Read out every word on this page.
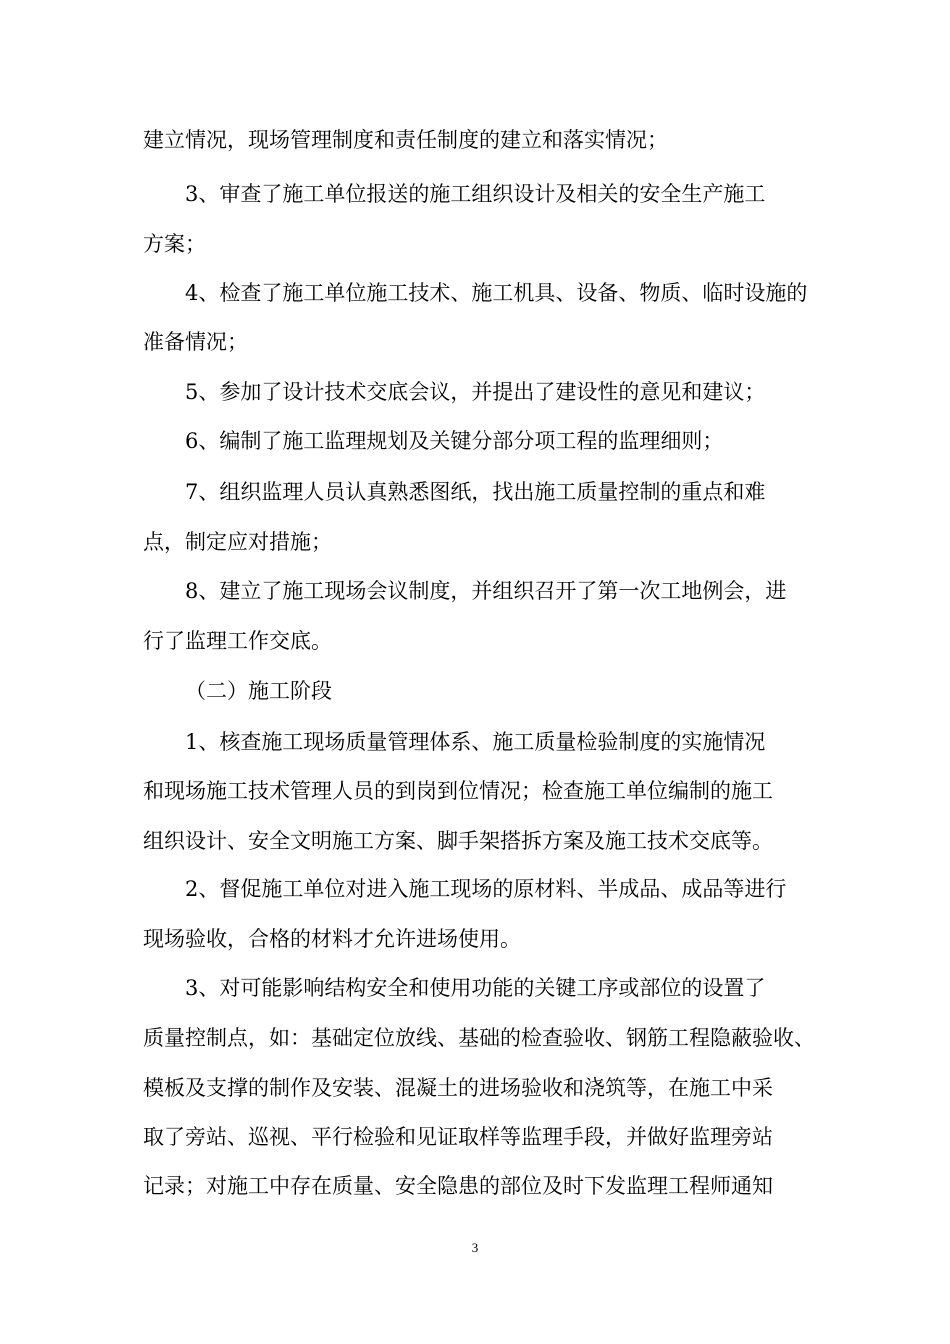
建立情况，现场管理制度和责任制度的建立和落实情况；
3、审查了施工单位报送的施工组织设计及相关的安全生产施工
方案；
4、检查了施工单位施工技术、施工机具、设备、物质、临时设施的
准备情况；
5、参加了设计技术交底会议，并提出了建设性的意见和建议；
6、编制了施工监理规划及关键分部分项工程的监理细则；
7、组织监理人员认真熟悉图纸，找出施工质量控制的重点和难
点，制定应对措施；
8、建立了施工现场会议制度，并组织召开了第一次工地例会，进
行了监理工作交底。
（二）施工阶段
1、核查施工现场质量管理体系、施工质量检验制度的实施情况
和现场施工技术管理人员的到岗到位情况；检查施工单位编制的施工
组织设计、安全文明施工方案、脚手架搭拆方案及施工技术交底等。
2、督促施工单位对进入施工现场的原材料、半成品、成品等进行
现场验收，合格的材料才允许进场使用。
3、对可能影响结构安全和使用功能的关键工序或部位的设置了
质量控制点，如：基础定位放线、基础的检查验收、钢筋工程隐蔽验收、
模板及支撑的制作及安装、混凝土的进场验收和浇筑等，在施工中采
取了旁站、巡视、平行检验和见证取样等监理手段，并做好监理旁站
记录；对施工中存在质量、安全隐患的部位及时下发监理工程师通知
3
